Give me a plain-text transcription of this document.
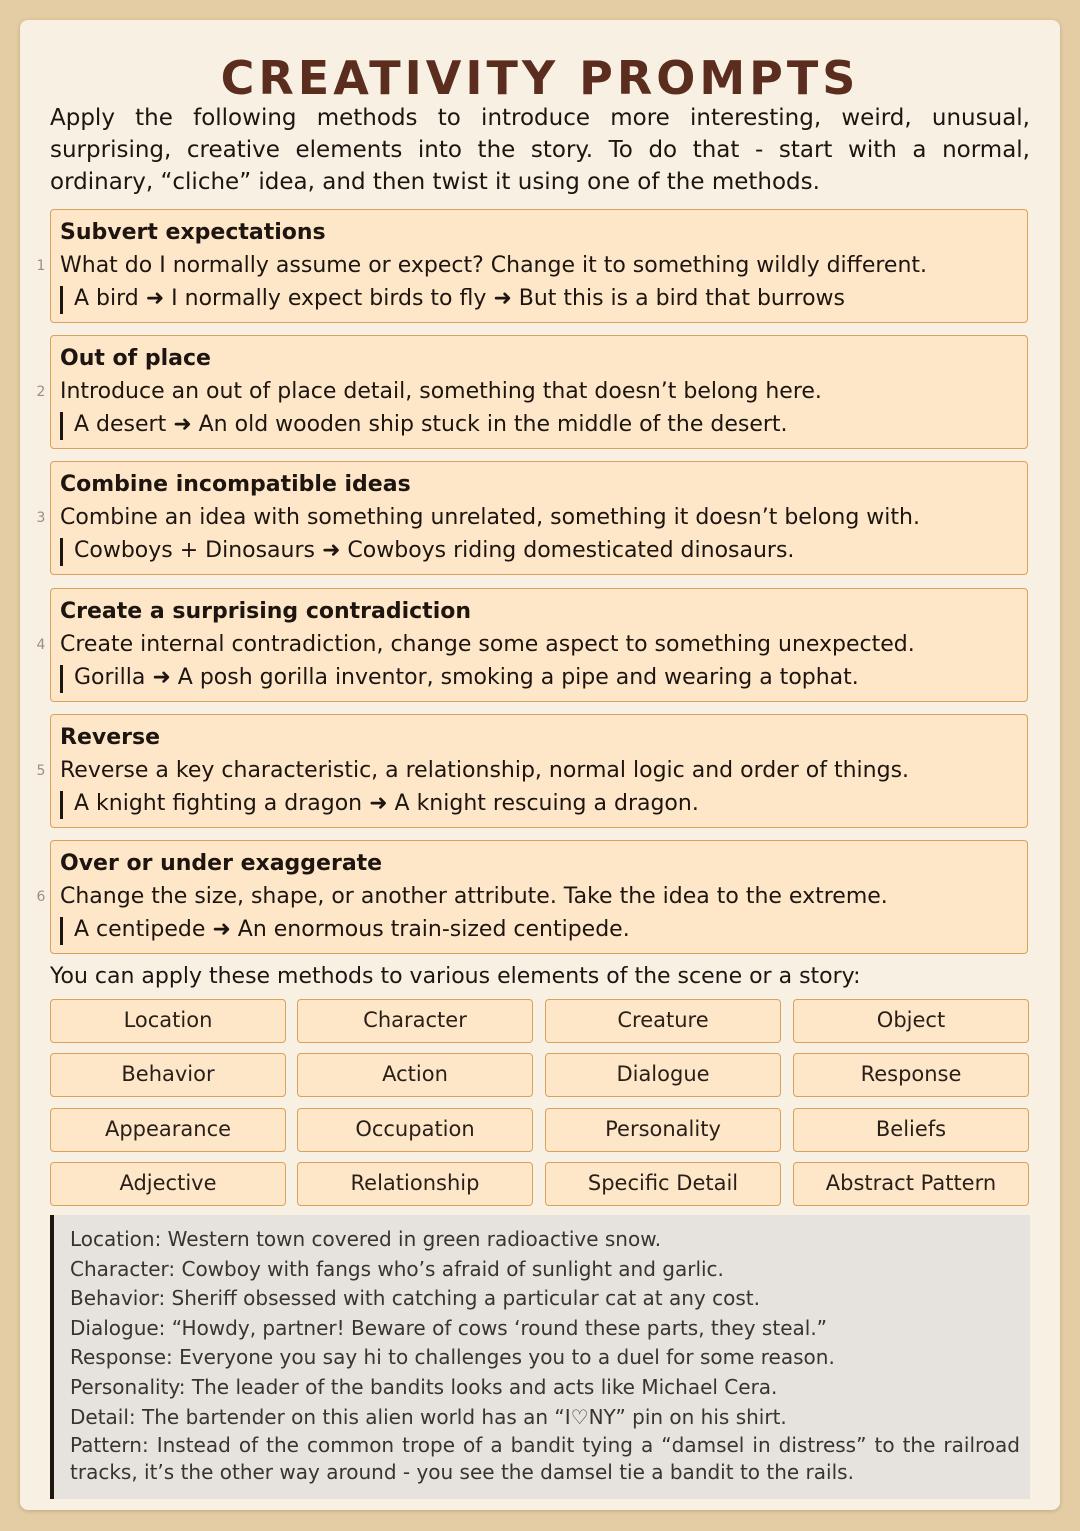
CREATIVITY PROMPTS

Apply the following methods to introduce more interesting, weird, unusual, surprising, creative elements into the story. To do that - start with a normal, ordinary, “cliche” idea, and then twist it using one of the methods.

1
Subvert expectations
What do I normally assume or expect? Change it to something wildly different.
A bird ➜ I normally expect birds to fly ➜ But this is a bird that burrows
2
Out of place
Introduce an out of place detail, something that doesn’t belong here.
A desert ➜ An old wooden ship stuck in the middle of the desert.
3
Combine incompatible ideas
Combine an idea with something unrelated, something it doesn’t belong with.
Cowboys + Dinosaurs ➜ Cowboys riding domesticated dinosaurs.
4
Create a surprising contradiction
Create internal contradiction, change some aspect to something unexpected.
Gorilla ➜ A posh gorilla inventor, smoking a pipe and wearing a tophat.
5
Reverse
Reverse a key characteristic, a relationship, normal logic and order of things.
A knight fighting a dragon ➜ A knight rescuing a dragon.
6
Over or under exaggerate
Change the size, shape, or another attribute. Take the idea to the extreme.
A centipede ➜ An enormous train-sized centipede.

You can apply these methods to various elements of the scene or a story:

Location	Character	Creature	Object
Behavior	Action	Dialogue	Response
Appearance	Occupation	Personality	Beliefs
Adjective	Relationship	Specific Detail	Abstract Pattern

Location: Western town covered in green radioactive snow.

Character: Cowboy with fangs who’s afraid of sunlight and garlic.

Behavior: Sheriff obsessed with catching a particular cat at any cost.

Dialogue: “Howdy, partner! Beware of cows ‘round these parts, they steal.”

Response: Everyone you say hi to challenges you to a duel for some reason.

Personality: The leader of the bandits looks and acts like Michael Cera.

Detail: The bartender on this alien world has an “I♡NY” pin on his shirt.

Pattern: Instead of the common trope of a bandit tying a “damsel in distress” to the railroad tracks, it’s the other way around - you see the damsel tie a bandit to the rails.
